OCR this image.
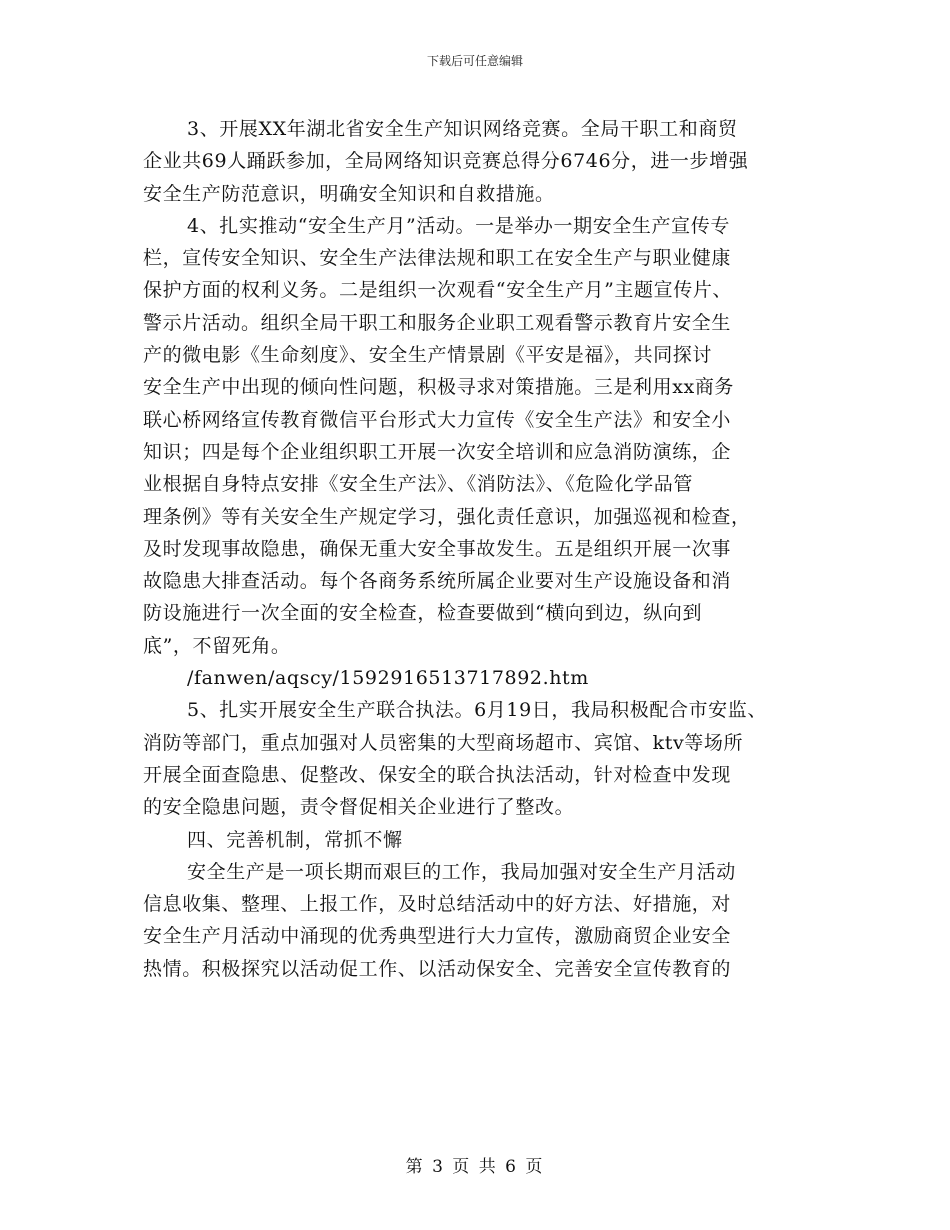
下载后可任意编辑
3、开展XX年湖北省安全生产知识网络竞赛。全局干职工和商贸
企业共69人踊跃参加，全局网络知识竞赛总得分6746分，进一步增强
安全生产防范意识，明确安全知识和自救措施。
4、扎实推动“安全生产月”活动。一是举办一期安全生产宣传专
栏，宣传安全知识、安全生产法律法规和职工在安全生产与职业健康
保护方面的权利义务。二是组织一次观看“安全生产月”主题宣传片、
警示片活动。组织全局干职工和服务企业职工观看警示教育片安全生
产的微电影《生命刻度》、安全生产情景剧《平安是福》，共同探讨
安全生产中出现的倾向性问题，积极寻求对策措施。三是利用xx商务
联心桥网络宣传教育微信平台形式大力宣传《安全生产法》和安全小
知识；四是每个企业组织职工开展一次安全培训和应急消防演练，企
业根据自身特点安排《安全生产法》、《消防法》、《危险化学品管
理条例》等有关安全生产规定学习，强化责任意识，加强巡视和检查，
及时发现事故隐患，确保无重大安全事故发生。五是组织开展一次事
故隐患大排查活动。每个各商务系统所属企业要对生产设施设备和消
防设施进行一次全面的安全检查，检查要做到“横向到边，纵向到
底”，不留死角。
/fanwen/aqscy/1592916513717892.htm
5、扎实开展安全生产联合执法。6月19日，我局积极配合市安监、
消防等部门，重点加强对人员密集的大型商场超市、宾馆、ktv等场所
开展全面查隐患、促整改、保安全的联合执法活动，针对检查中发现
的安全隐患问题，责令督促相关企业进行了整改。
四、完善机制，常抓不懈
安全生产是一项长期而艰巨的工作，我局加强对安全生产月活动
信息收集、整理、上报工作，及时总结活动中的好方法、好措施，对
安全生产月活动中涌现的优秀典型进行大力宣传，激励商贸企业安全
热情。积极探究以活动促工作、以活动保安全、完善安全宣传教育的
第 3 页 共 6 页
